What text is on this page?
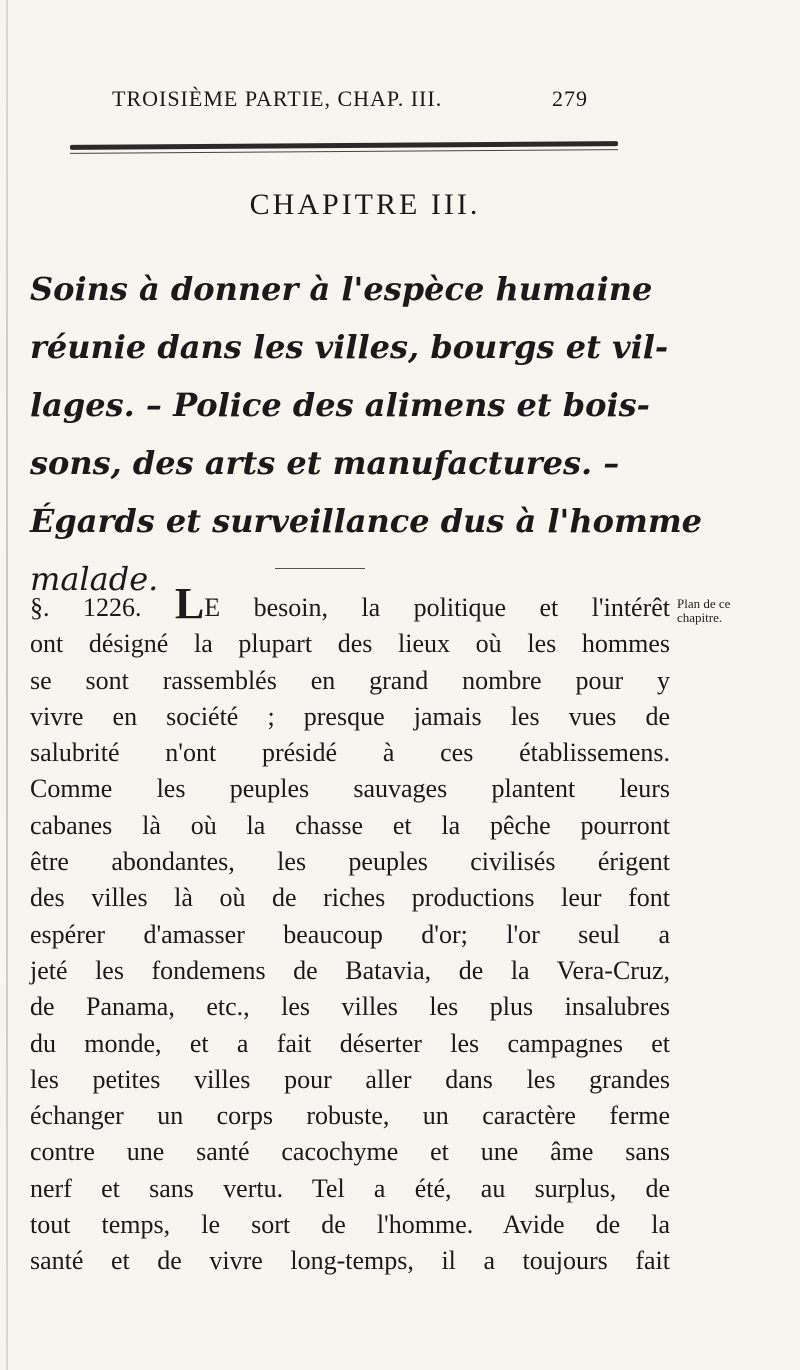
TROISIÈME PARTIE, CHAP. III.	279
CHAPITRE III.
Soins à donner à l'espèce humaine
réunie dans les villes, bourgs et vil-
lages. – Police des alimens et bois-
sons, des arts et manufactures. –
Égards et surveillance dus à l'homme
malade.
Plan de ce
chapitre.
§. 1226. LE besoin, la politique et l'intérêt
ont désigné la plupart des lieux où les hommes
se sont rassemblés en grand nombre pour y
vivre en société ; presque jamais les vues de
salubrité n'ont présidé à ces établissemens.
Comme les peuples sauvages plantent leurs
cabanes là où la chasse et la pêche pourront
être abondantes, les peuples civilisés érigent
des villes là où de riches productions leur font
espérer d'amasser beaucoup d'or; l'or seul a
jeté les fondemens de Batavia, de la Vera-Cruz,
de Panama, etc., les villes les plus insalubres
du monde, et a fait déserter les campagnes et
les petites villes pour aller dans les grandes
échanger un corps robuste, un caractère ferme
contre une santé cacochyme et une âme sans
nerf et sans vertu. Tel a été, au surplus, de
tout temps, le sort de l'homme. Avide de la
santé et de vivre long-temps, il a toujours fait
